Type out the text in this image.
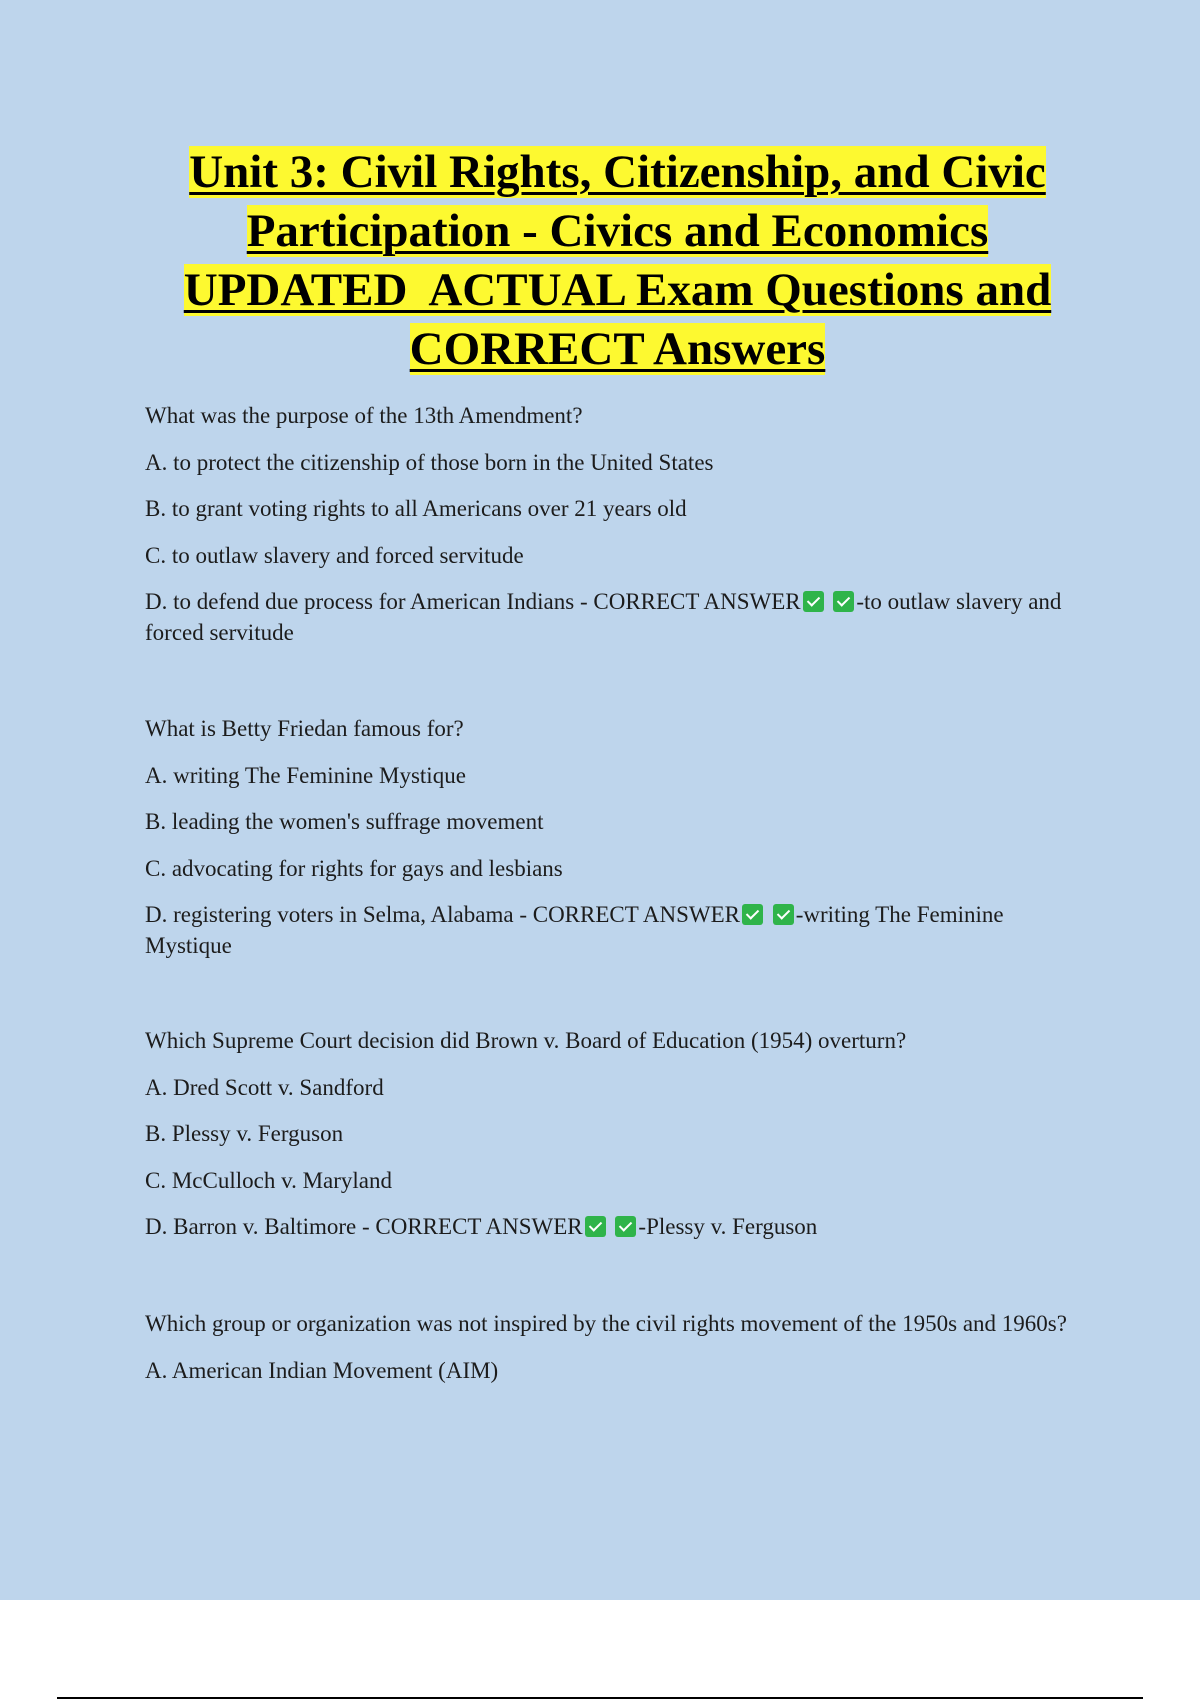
Unit 3: Civil Rights, Citizenship, and Civic
Participation - Civics and Economics
UPDATED  ACTUAL Exam Questions and
CORRECT Answers

What was the purpose of the 13th Amendment?

A. to protect the citizenship of those born in the United States

B. to grant voting rights to all Americans over 21 years old

C. to outlaw slavery and forced servitude

D. to defend due process for American Indians - CORRECT ANSWER -to outlaw slavery and forced servitude

What is Betty Friedan famous for?

A. writing The Feminine Mystique

B. leading the women's suffrage movement

C. advocating for rights for gays and lesbians

D. registering voters in Selma, Alabama - CORRECT ANSWER -writing The Feminine Mystique

Which Supreme Court decision did Brown v. Board of Education (1954) overturn?

A. Dred Scott v. Sandford

B. Plessy v. Ferguson

C. McCulloch v. Maryland

D. Barron v. Baltimore - CORRECT ANSWER -Plessy v. Ferguson

Which group or organization was not inspired by the civil rights movement of the 1950s and 1960s?

A. American Indian Movement (AIM)
